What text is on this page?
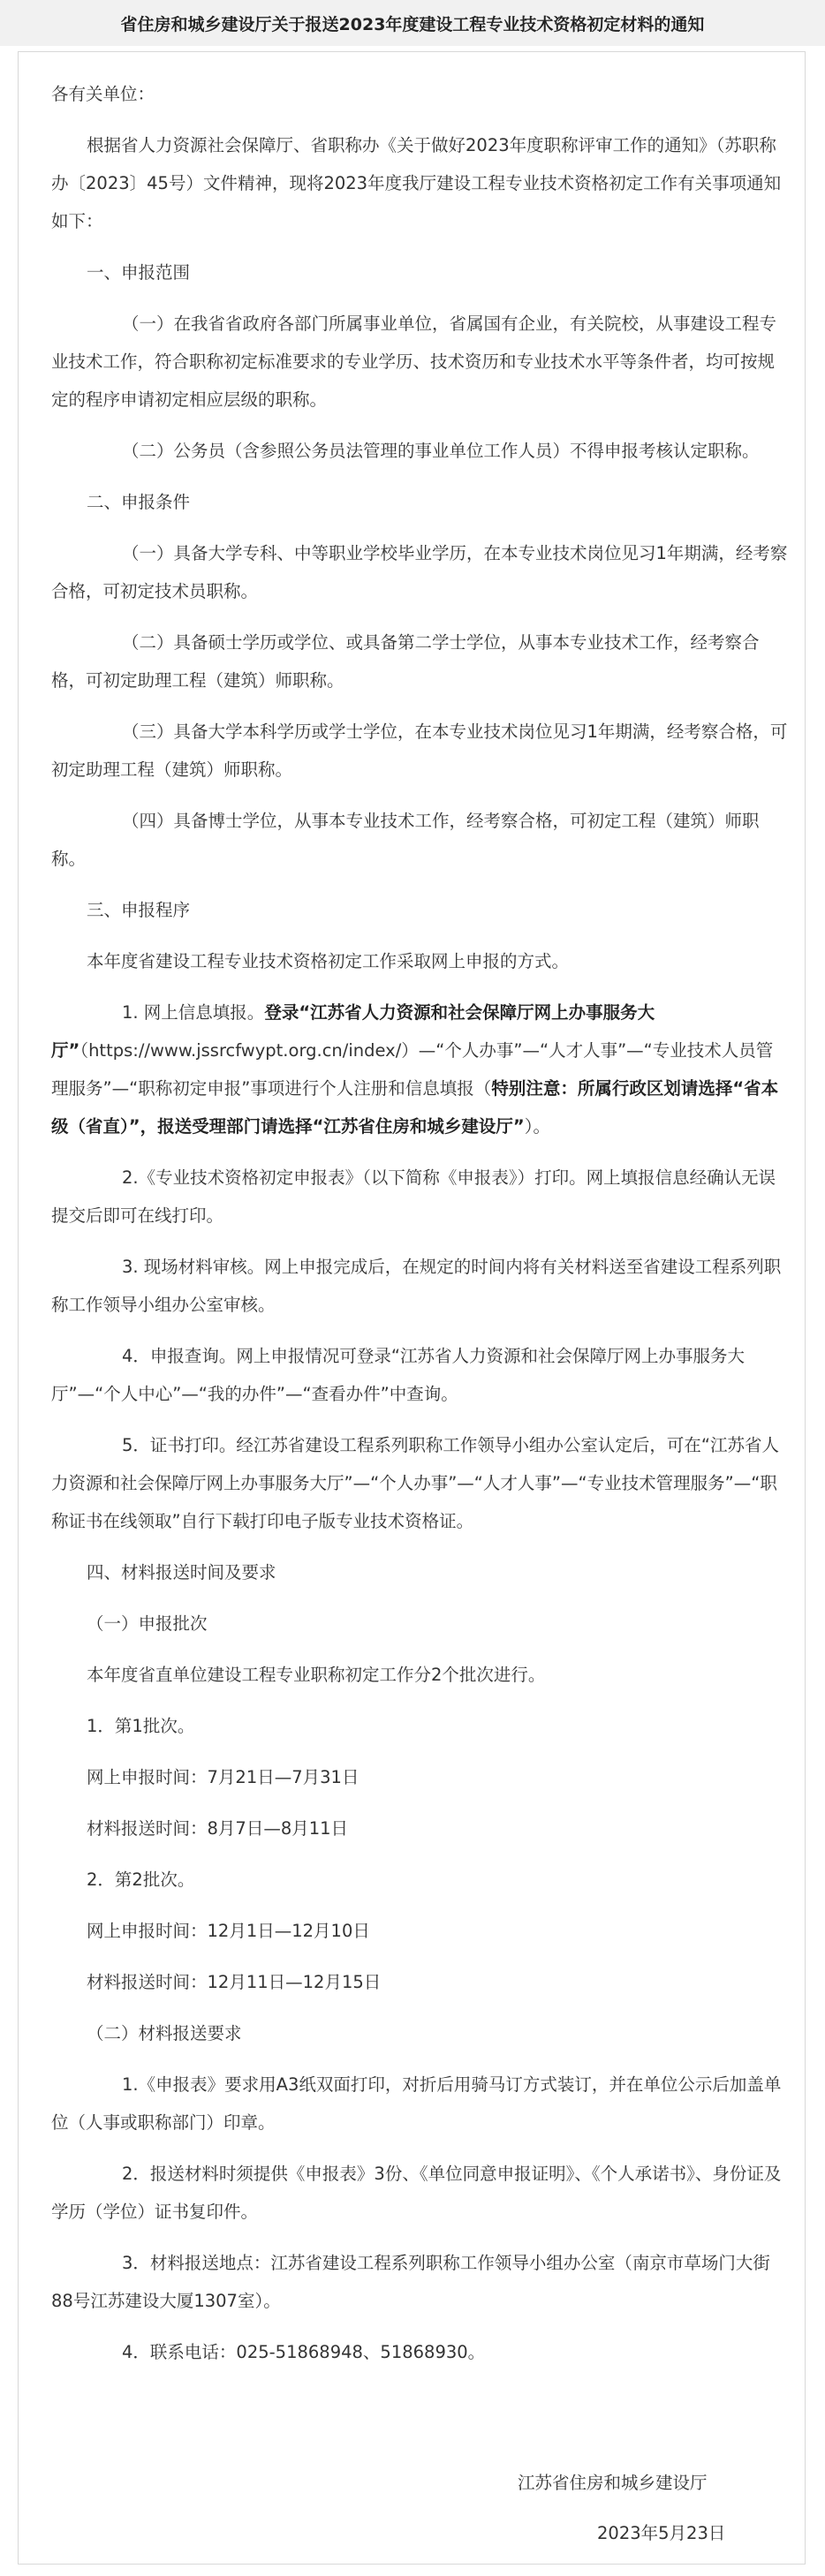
省住房和城乡建设厅关于报送2023年度建设工程专业技术资格初定材料的通知

各有关单位：

根据省人力资源社会保障厅、省职称办《关于做好2023年度职称评审工作的通知》（苏职称办〔2023〕45号）文件精神，现将2023年度我厅建设工程专业技术资格初定工作有关事项通知如下：

一、申报范围

（一）在我省省政府各部门所属事业单位，省属国有企业，有关院校，从事建设工程专业技术工作，符合职称初定标准要求的专业学历、技术资历和专业技术水平等条件者，均可按规定的程序申请初定相应层级的职称。

（二）公务员（含参照公务员法管理的事业单位工作人员）不得申报考核认定职称。

二、申报条件

（一）具备大学专科、中等职业学校毕业学历，在本专业技术岗位见习1年期满，经考察合格，可初定技术员职称。

（二）具备硕士学历或学位、或具备第二学士学位，从事本专业技术工作，经考察合格，可初定助理工程（建筑）师职称。

（三）具备大学本科学历或学士学位，在本专业技术岗位见习1年期满，经考察合格，可初定助理工程（建筑）师职称。

（四）具备博士学位，从事本专业技术工作，经考察合格，可初定工程（建筑）师职称。

三、申报程序

本年度省建设工程专业技术资格初定工作采取网上申报的方式。

1. 网上信息填报。登录“江苏省人力资源和社会保障厅网上办事服务大厅”（https://www.jssrcfwypt.org.cn/index/）—“个人办事”—“人才人事”—“专业技术人员管理服务”—“职称初定申报”事项进行个人注册和信息填报（特别注意：所属行政区划请选择“省本级（省直）”，报送受理部门请选择“江苏省住房和城乡建设厅”）。

2.《专业技术资格初定申报表》（以下简称《申报表》）打印。网上填报信息经确认无误提交后即可在线打印。

3. 现场材料审核。网上申报完成后，在规定的时间内将有关材料送至省建设工程系列职称工作领导小组办公室审核。

4．申报查询。网上申报情况可登录“江苏省人力资源和社会保障厅网上办事服务大厅”—“个人中心”—“我的办件”—“查看办件”中查询。

5．证书打印。经江苏省建设工程系列职称工作领导小组办公室认定后，可在“江苏省人力资源和社会保障厅网上办事服务大厅”—“个人办事”—“人才人事”—“专业技术管理服务”—“职称证书在线领取”自行下载打印电子版专业技术资格证。

四、材料报送时间及要求

（一）申报批次

本年度省直单位建设工程专业职称初定工作分2个批次进行。

1．第1批次。

网上申报时间：7月21日—7月31日

材料报送时间：8月7日—8月11日

2．第2批次。

网上申报时间：12月1日—12月10日

材料报送时间：12月11日—12月15日

（二）材料报送要求

1.《申报表》要求用A3纸双面打印，对折后用骑马订方式装订，并在单位公示后加盖单位（人事或职称部门）印章。

2．报送材料时须提供《申报表》3份、《单位同意申报证明》、《个人承诺书》、身份证及学历（学位）证书复印件。

3．材料报送地点：江苏省建设工程系列职称工作领导小组办公室（南京市草场门大街88号江苏建设大厦1307室）。

4．联系电话：025-51868948、51868930。

江苏省住房和城乡建设厅
2023年5月23日
